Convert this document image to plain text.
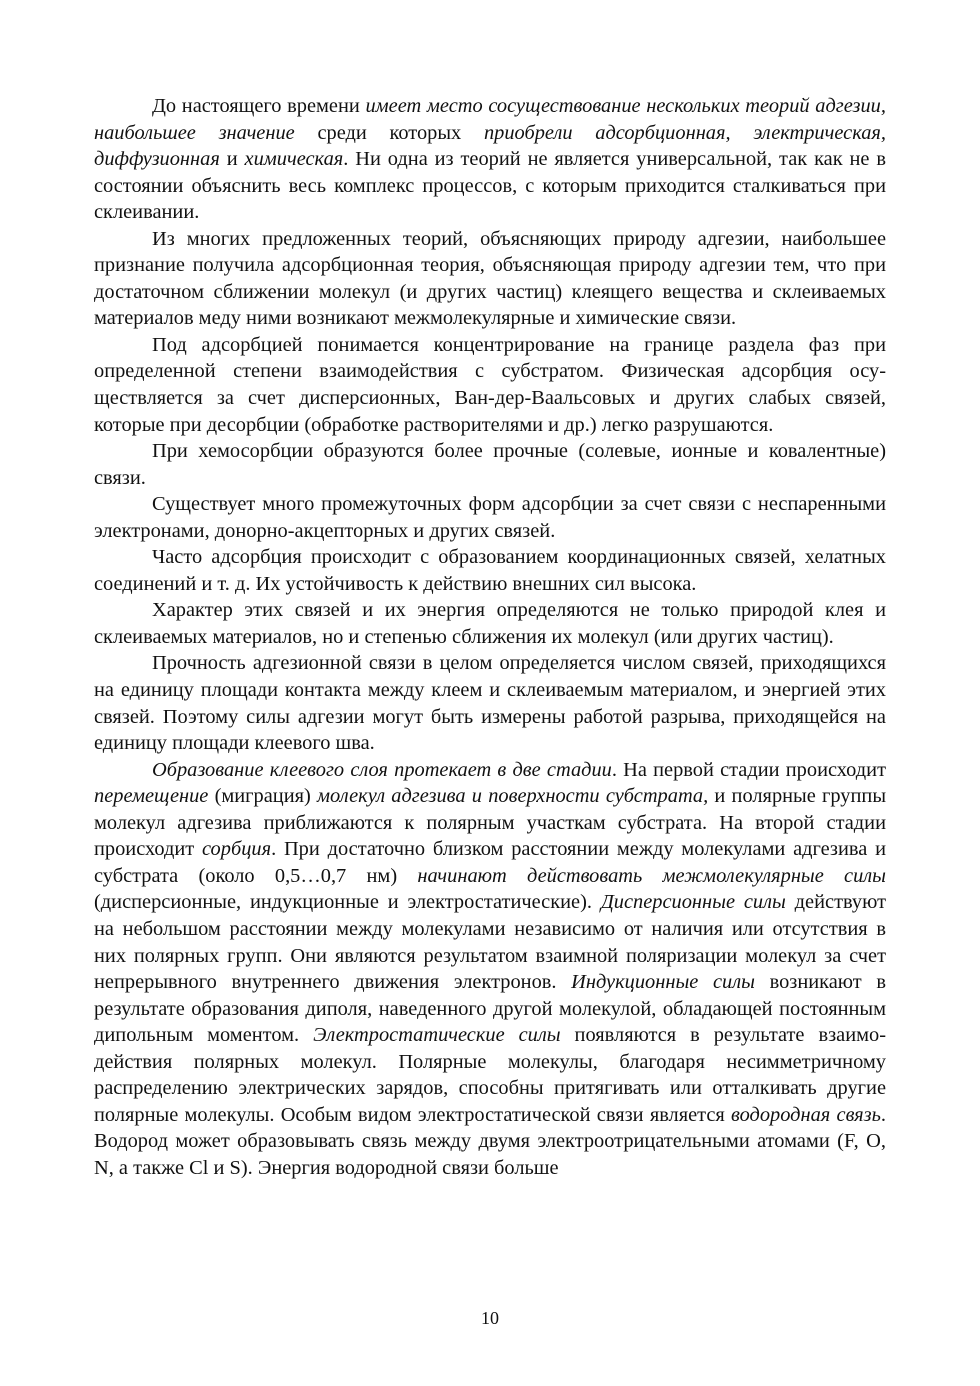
До настоящего времени имеет место сосуществование нескольких теорий адгезии, наибольшее значение среди которых приобрели адсорбционная, электрическая, диффузионная и химическая. Ни одна из теорий не является универсальной, так как не в состоянии объяснить весь комплекс процессов, с которым приходится сталкиваться при склеивании.

Из многих предложенных теорий, объясняющих природу адгезии, наибольшее признание получила адсорбционная теория, объясняющая природу адгезии тем, что при достаточном сближении молекул (и других частиц) клеящего вещества и склеиваемых материалов меду ними возникают межмолекулярные и химические связи.

Под адсорбцией понимается концентрирование на границе раздела фаз при определенной степени взаимодействия с субстратом. Физическая адсорбция осуществляется за счет дисперсионных, Ван-дер-Ваальсовых и других слабых связей, которые при десорбции (обработке растворителями и др.) легко разрушаются.

При хемосорбции образуются более прочные (солевые, ионные и ковалентные) связи.

Существует много промежуточных форм адсорбции за счет связи с неспаренными электронами, донорно-акцепторных и других связей.

Часто адсорбция происходит с образованием координационных связей, хелатных соединений и т. д. Их устойчивость к действию внешних сил высока.

Характер этих связей и их энергия определяются не только природой клея и склеиваемых материалов, но и степенью сближения их молекул (или других частиц).

Прочность адгезионной связи в целом определяется числом связей, приходящихся на единицу площади контакта между клеем и склеиваемым материалом, и энергией этих связей. Поэтому силы адгезии могут быть измерены работой разрыва, приходящейся на единицу площади клеевого шва.

Образование клеевого слоя протекает в две стадии. На первой стадии происходит перемещение (миграция) молекул адгезива и поверхности субстрата, и полярные группы молекул адгезива приближаются к полярным участкам субстрата. На второй стадии происходит сорбция. При достаточно близком расстоянии между молекулами адгезива и субстрата (около 0,5…0,7 нм) начинают действовать межмолекулярные силы (дисперсионные, индукционные и электростатические). Дисперсионные силы действуют на небольшом расстоянии между молекулами независимо от наличия или отсутствия в них полярных групп. Они являются результатом взаимной поляризации молекул за счет непрерывного внутреннего движения электронов. Индукционные силы возникают в результате образования диполя, наведенного другой молекулой, обладающей постоянным дипольным моментом. Электростатические силы появляются в результате взаимодействия полярных молекул. Полярные молекулы, благодаря несимметричному распределению электрических зарядов, способны притягивать или отталкивать другие полярные молекулы. Особым видом электростатической связи является водородная связь. Водород может образовывать связь между двумя электроотрицательными атомами (F, O, N, а также Cl и S). Энергия водородной связи больше

10
